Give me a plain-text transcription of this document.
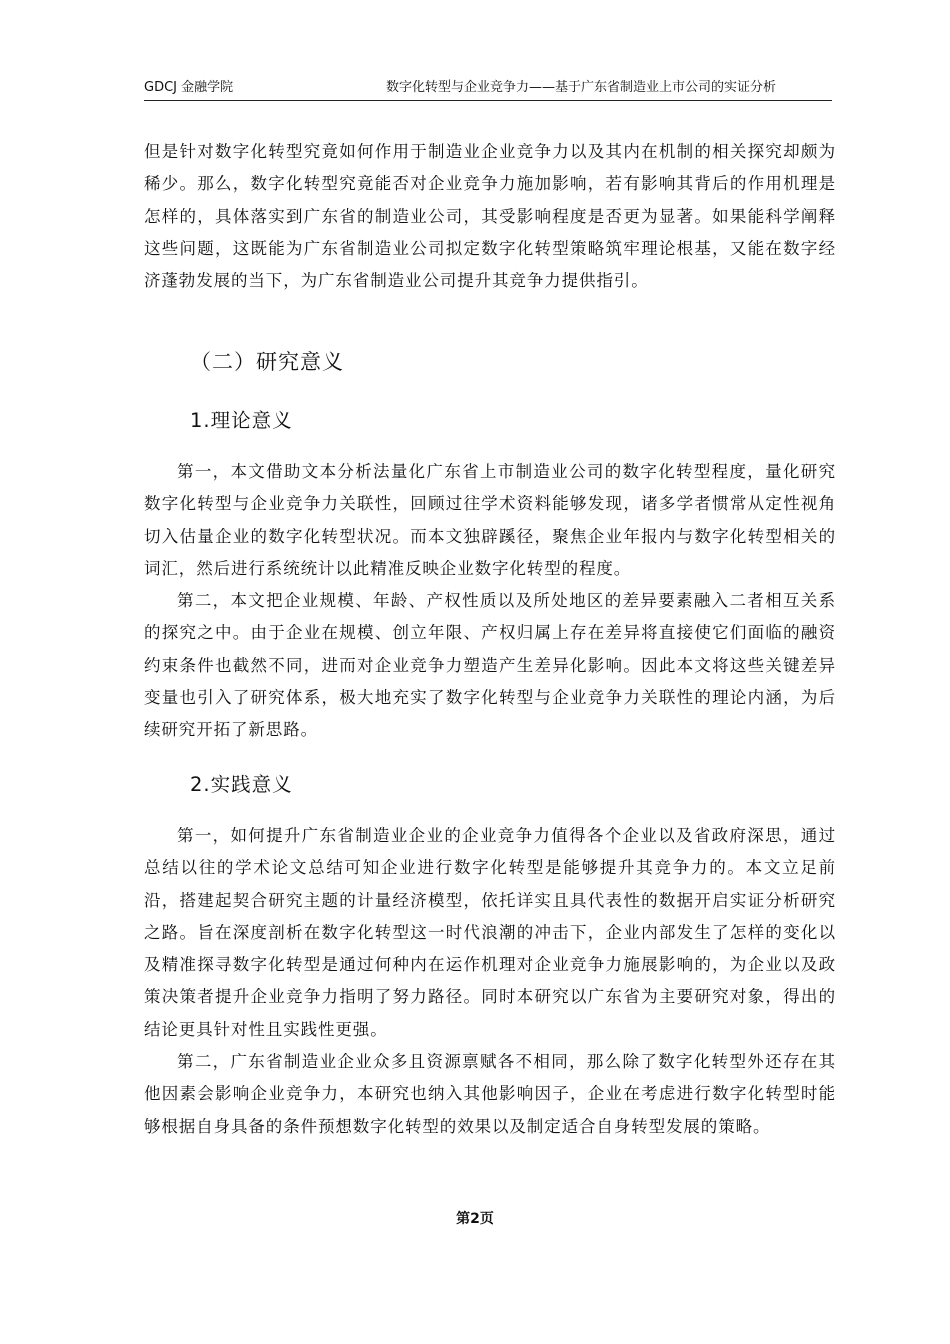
GDCJ 金融学院	数字化转型与企业竞争力——基于广东省制造业上市公司的实证分析

但是针对数字化转型究竟如何作用于制造业企业竞争力以及其内在机制的相关探究却颇为稀少。那么，数字化转型究竟能否对企业竞争力施加影响，若有影响其背后的作用机理是怎样的，具体落实到广东省的制造业公司，其受影响程度是否更为显著。如果能科学阐释这些问题，这既能为广东省制造业公司拟定数字化转型策略筑牢理论根基，又能在数字经济蓬勃发展的当下，为广东省制造业公司提升其竞争力提供指引。

（二）研究意义
1.理论意义

第一，本文借助文本分析法量化广东省上市制造业公司的数字化转型程度，量化研究数字化转型与企业竞争力关联性，回顾过往学术资料能够发现，诸多学者惯常从定性视角切入估量企业的数字化转型状况。而本文独辟蹊径，聚焦企业年报内与数字化转型相关的词汇，然后进行系统统计以此精准反映企业数字化转型的程度。

第二，本文把企业规模、年龄、产权性质以及所处地区的差异要素融入二者相互关系的探究之中。由于企业在规模、创立年限、产权归属上存在差异将直接使它们面临的融资约束条件也截然不同，进而对企业竞争力塑造产生差异化影响。因此本文将这些关键差异变量也引入了研究体系，极大地充实了数字化转型与企业竞争力关联性的理论内涵，为后续研究开拓了新思路。

2.实践意义

第一，如何提升广东省制造业企业的企业竞争力值得各个企业以及省政府深思，通过总结以往的学术论文总结可知企业进行数字化转型是能够提升其竞争力的。本文立足前沿，搭建起契合研究主题的计量经济模型，依托详实且具代表性的数据开启实证分析研究之路。旨在深度剖析在数字化转型这一时代浪潮的冲击下，企业内部发生了怎样的变化以及精准探寻数字化转型是通过何种内在运作机理对企业竞争力施展影响的，为企业以及政策决策者提升企业竞争力指明了努力路径。同时本研究以广东省为主要研究对象，得出的结论更具针对性且实践性更强。

第二，广东省制造业企业众多且资源禀赋各不相同，那么除了数字化转型外还存在其他因素会影响企业竞争力，本研究也纳入其他影响因子，企业在考虑进行数字化转型时能够根据自身具备的条件预想数字化转型的效果以及制定适合自身转型发展的策略。

第2页
